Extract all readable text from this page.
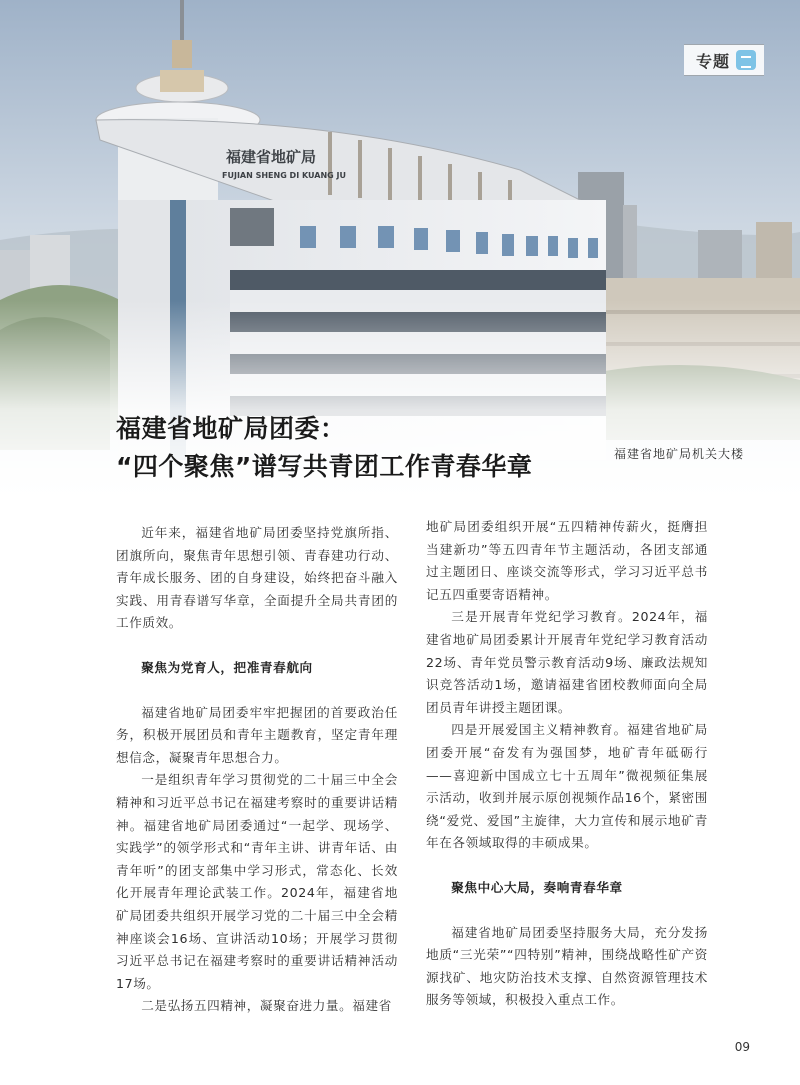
福建省地矿局
FUJIAN SHENG DI KUANG JU
专题
福建省地矿局团委：
“四个聚焦”谱写共青团工作青春华章	福建省地矿局机关大楼

近年来，福建省地矿局团委坚持党旗所指、团旗所向，聚焦青年思想引领、青春建功行动、青年成长服务、团的自身建设，始终把奋斗融入实践、用青春谱写华章，全面提升全局共青团的工作质效。

聚焦为党育人，把准青春航向

福建省地矿局团委牢牢把握团的首要政治任务，积极开展团员和青年主题教育，坚定青年理想信念，凝聚青年思想合力。

一是组织青年学习贯彻党的二十届三中全会精神和习近平总书记在福建考察时的重要讲话精神。福建省地矿局团委通过“一起学、现场学、实践学”的领学形式和“青年主讲、讲青年话、由青年听”的团支部集中学习形式，常态化、长效化开展青年理论武装工作。2024年，福建省地矿局团委共组织开展学习党的二十届三中全会精神座谈会16场、宣讲活动10场；开展学习贯彻习近平总书记在福建考察时的重要讲话精神活动17场。

二是弘扬五四精神，凝聚奋进力量。福建省

地矿局团委组织开展“五四精神传薪火，挺膺担当建新功”等五四青年节主题活动，各团支部通过主题团日、座谈交流等形式，学习习近平总书记五四重要寄语精神。

三是开展青年党纪学习教育。2024年，福建省地矿局团委累计开展青年党纪学习教育活动22场、青年党员警示教育活动9场、廉政法规知识竞答活动1场，邀请福建省团校教师面向全局团员青年讲授主题团课。

四是开展爱国主义精神教育。福建省地矿局团委开展“奋发有为强国梦，地矿青年砥砺行——喜迎新中国成立七十五周年”微视频征集展示活动，收到并展示原创视频作品16个，紧密围绕“爱党、爱国”主旋律，大力宣传和展示地矿青年在各领域取得的丰硕成果。

聚焦中心大局，奏响青春华章

福建省地矿局团委坚持服务大局，充分发扬地质“三光荣”“四特别”精神，围绕战略性矿产资源找矿、地灾防治技术支撑、自然资源管理技术服务等领域，积极投入重点工作。

09
